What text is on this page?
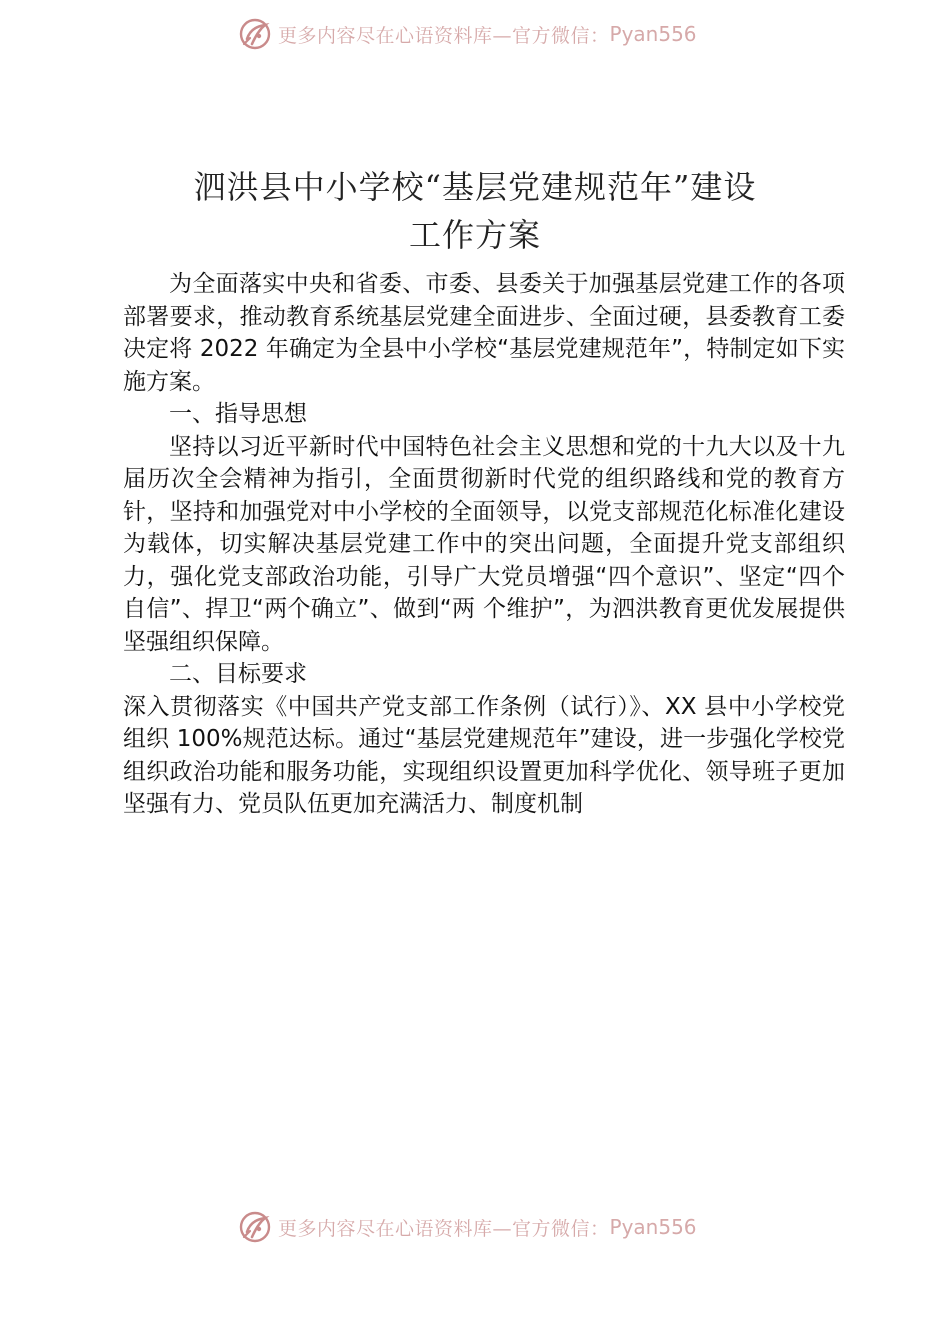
更多内容尽在心语资料库—官方微信： Pyan556
泗洪县中小学校“基层党建规范年”建设
工作方案

为全面落实中央和省委、市委、县委关于加强基层党建工作的各项部署要求，推动教育系统基层党建全面进步、全面过硬，县委教育工委决定将 2022 年确定为全县中小学校“基层党建规范年”，特制定如下实施方案。

一、指导思想

坚持以习近平新时代中国特色社会主义思想和党的十九大以及十九届历次全会精神为指引，全面贯彻新时代党的组织路线和党的教育方针，坚持和加强党对中小学校的全面领导，以党支部规范化标准化建设为载体，切实解决基层党建工作中的突出问题，全面提升党支部组织力，强化党支部政治功能，引导广大党员增强“四个意识”、坚定“四个自信”、捍卫“两个确立”、做到“两 个维护”，为泗洪教育更优发展提供坚强组织保障。

二、目标要求

深入贯彻落实《中国共产党支部工作条例（试行）》、XX 县中小学校党组织 100%规范达标。通过“基层党建规范年”建设，进一步强化学校党组织政治功能和服务功能，实现组织设置更加科学优化、领导班子更加坚强有力、党员队伍更加充满活力、制度机制

更多内容尽在心语资料库—官方微信： Pyan556
